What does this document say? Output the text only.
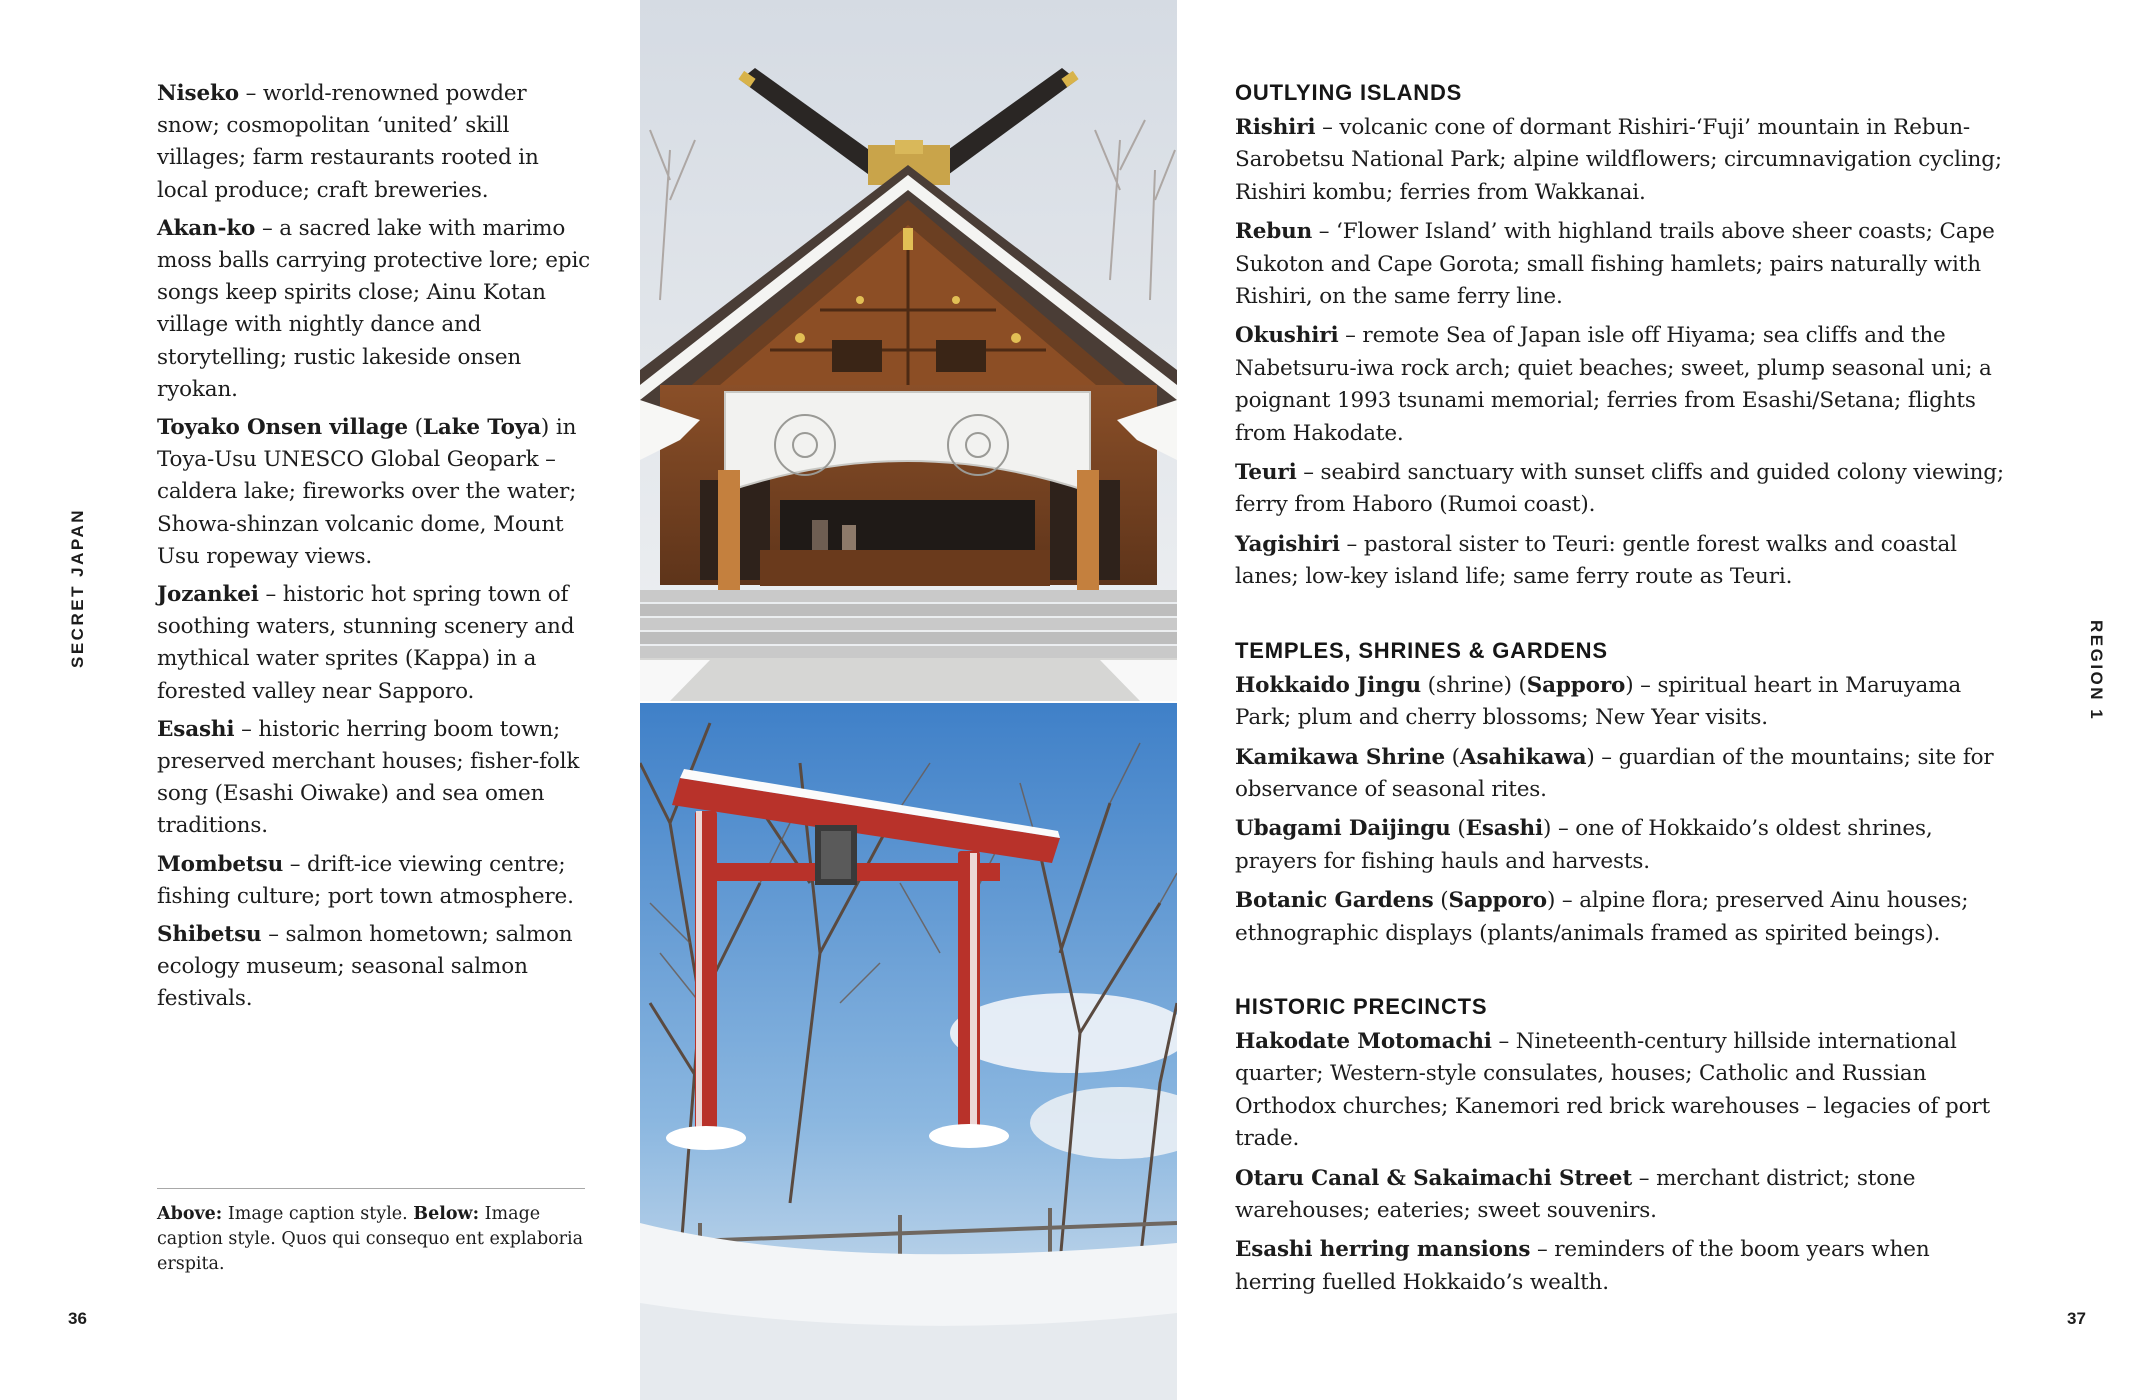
SECRET JAPAN
REGION 1
36	37

Niseko – world-renowned powder snow; cosmopolitan ‘united’ skill villages; farm restaurants rooted in local produce; craft breweries.

Akan-ko – a sacred lake with marimo moss balls carrying protective lore; epic songs keep spirits close; Ainu Kotan village with nightly dance and storytelling; rustic lakeside onsen ryokan.

Toyako Onsen village (Lake Toya) in Toya-Usu UNESCO Global Geopark – caldera lake; fireworks over the water; Showa-shinzan volcanic dome, Mount Usu ropeway views.

Jozankei – historic hot spring town of soothing waters, stunning scenery and mythical water sprites (Kappa) in a forested valley near Sapporo.

Esashi – historic herring boom town; preserved merchant houses; fisher-folk song (Esashi Oiwake) and sea omen traditions.

Mombetsu – drift-ice viewing centre; fishing culture; port town atmosphere.

Shibetsu – salmon hometown; salmon ecology museum; seasonal salmon festivals.

Above: Image caption style. Below: Image caption style. Quos qui consequo ent explaboria erspita.

OUTLYING ISLANDS

Rishiri – volcanic cone of dormant Rishiri-‘Fuji’ mountain in Rebun-Sarobetsu National Park; alpine wildflowers; circumnavigation cycling; Rishiri kombu; ferries from Wakkanai.

Rebun – ‘Flower Island’ with highland trails above sheer coasts; Cape Sukoton and Cape Gorota; small fishing hamlets; pairs naturally with Rishiri, on the same ferry line.

Okushiri – remote Sea of Japan isle off Hiyama; sea cliffs and the Nabetsuru-iwa rock arch; quiet beaches; sweet, plump seasonal uni; a poignant 1993 tsunami memorial; ferries from Esashi/Setana; flights from Hakodate.

Teuri – seabird sanctuary with sunset cliffs and guided colony viewing; ferry from Haboro (Rumoi coast).

Yagishiri – pastoral sister to Teuri: gentle forest walks and coastal lanes; low-key island life; same ferry route as Teuri.

TEMPLES, SHRINES & GARDENS

Hokkaido Jingu (shrine) (Sapporo) – spiritual heart in Maruyama Park; plum and cherry blossoms; New Year visits.

Kamikawa Shrine (Asahikawa) – guardian of the mountains; site for observance of seasonal rites.

Ubagami Daijingu (Esashi) – one of Hokkaido’s oldest shrines, prayers for fishing hauls and harvests.

Botanic Gardens (Sapporo) – alpine flora; preserved Ainu houses; ethnographic displays (plants/animals framed as spirited beings).

HISTORIC PRECINCTS

Hakodate Motomachi – Nineteenth-century hillside international quarter; Western-style consulates, houses; Catholic and Russian Orthodox churches; Kanemori red brick warehouses – legacies of port trade.

Otaru Canal & Sakaimachi Street – merchant district; stone warehouses; eateries; sweet souvenirs.

Esashi herring mansions – reminders of the boom years when herring fuelled Hokkaido’s wealth.
